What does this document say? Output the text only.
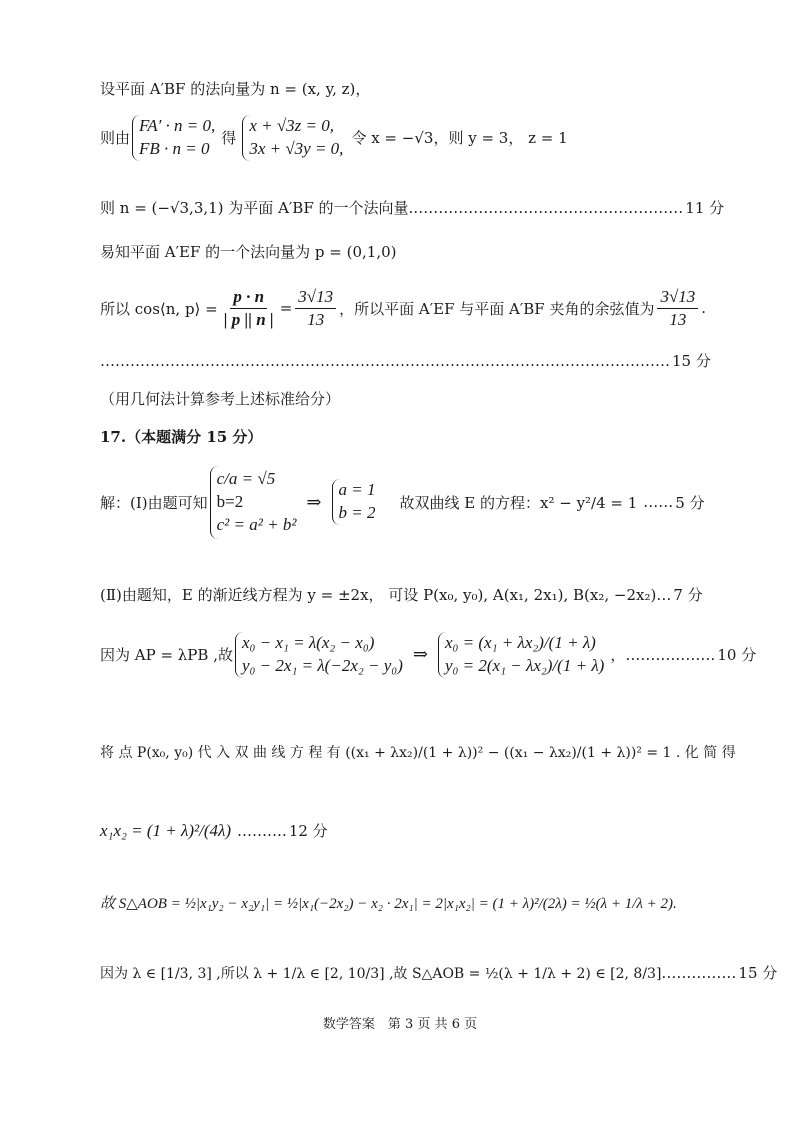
设平面 A′BF 的法向量为 n = (x, y, z)，
则由
FA′ · n = 0,
FB · n = 0
得
x + √3z = 0,
3x + √3y = 0,
令 x = −√3，则 y = 3， z = 1
则 n = (−√3,3,1) 为平面 A′BF 的一个法向量. ……………………………………………… 11 分
易知平面 A′EF 的一个法向量为 p = (0,1,0)
所以 cos⟨n, p⟩ = $\frac{p \cdot n}{| p || n |} = \frac{3√13}{13}$ ，所以平面 A′EF 与平面 A′BF 夹角的余弦值为 $\frac{3√13}{13}$ .
…………………………………………………………………………………………………… 15 分
（用几何法计算参考上述标准给分）
17.（本题满分 15 分）
解：(Ⅰ)由题可知
c/a = √5
b=2
c² = a² + b²
⇒
a = 1
b = 2
故双曲线 E 的方程：x² − y²/4 = 1 …… 5 分
(Ⅱ)由题知，E 的渐近线方程为 y = ±2x， 可设 P(x₀, y₀), A(x₁, 2x₁), B(x₂, −2x₂) … 7 分
因为 AP = λPB ,故
x₀ − x₁ = λ(x₂ − x₀)
y₀ − 2x₁ = λ(−2x₂ − y₀) ⇒
x₀ = (x₁ + λx₂)/(1 + λ)
y₀ = 2(x₁ − λx₂)/(1 + λ)
，……………… 10 分
将 点 P(x₀, y₀) 代 入 双 曲 线 方 程 有 ((x₁ + λx₂)/(1 + λ))² − ((x₁ − λx₂)/(1 + λ))² = 1 . 化 简 得
x₁x₂ = (1 + λ)²/(4λ) ………. 12 分
故 S△AOB = ½|x₁y₂ − x₂y₁| = ½|x₁(−2x₂) − x₂ · 2x₁| = 2|x₁x₂| = (1 + λ)²/(2λ) = ½(λ + 1/λ + 2).
因为 λ ∈ [1/3, 3] ,所以 λ + 1/λ ∈ [2, 10/3] ,故 S△AOB = ½(λ + 1/λ + 2) ∈ [2, 8/3] …………… 15 分
数学答案　第 3 页 共 6 页
